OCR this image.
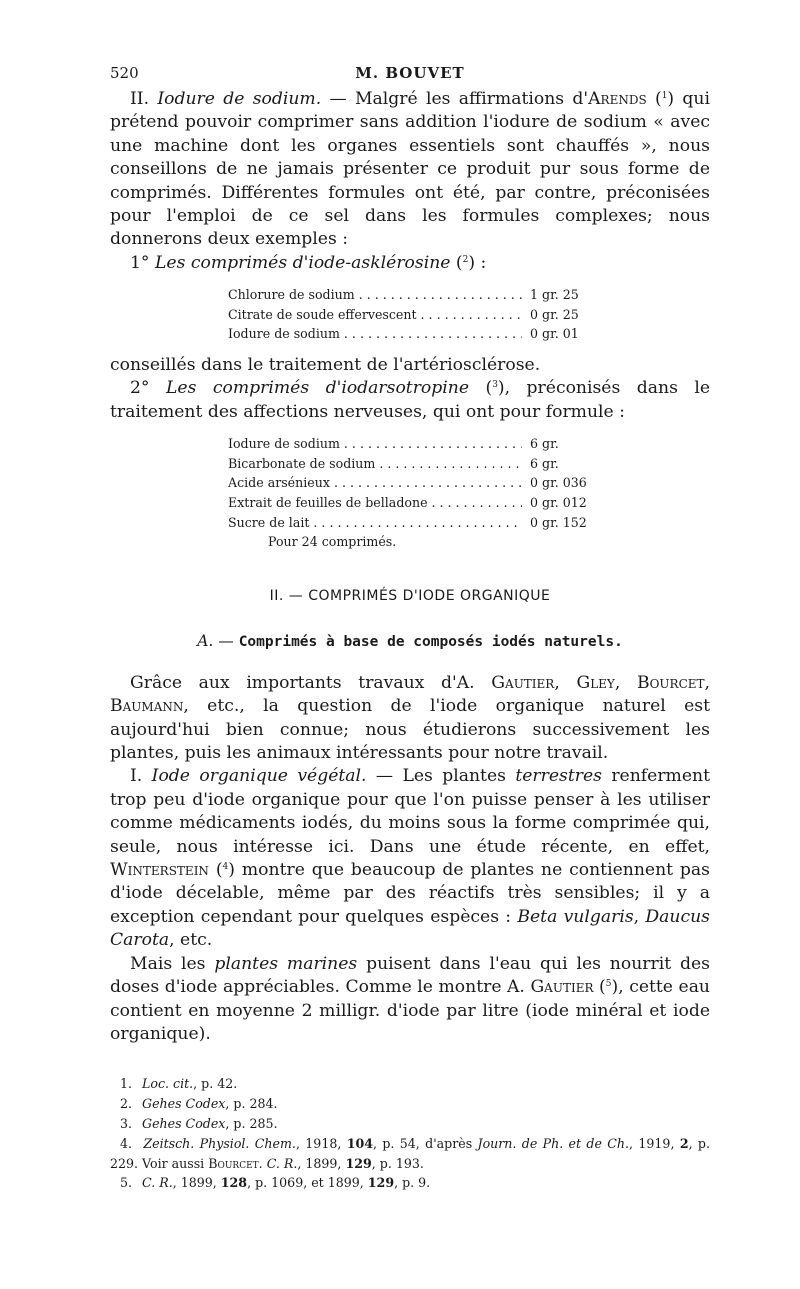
520	M. BOUVET

II. Iodure de sodium. — Malgré les affirmations d'Arends ($^1$) qui prétend pouvoir comprimer sans addition l'iodure de sodium « avec une machine dont les organes essentiels sont chauffés », nous conseillons de ne jamais présenter ce produit pur sous forme de comprimés. Différentes formules ont été, par contre, préconisées pour l'emploi de ce sel dans les formules complexes; nous donnerons deux exemples :

1° Les comprimés d'iode-asklérosine ($^2$) :

Chlorure de sodium . . .	1 gr. 25
Citrate de soude effervescent . . .	0 gr. 25
Iodure de sodium . . .	0 gr. 01

conseillés dans le traitement de l'artériosclérose.

2° Les comprimés d'iodarsotropine ($^3$), préconisés dans le traitement des affections nerveuses, qui ont pour formule :

Iodure de sodium . . .	6 gr.
Bicarbonate de sodium . . .	6 gr.
Acide arsénieux . . .	0 gr. 036
Extrait de feuilles de belladone . . .	0 gr. 012
Sucre de lait . . .	0 gr. 152
Pour 24 comprimés.
II. — COMPRIMÉS D'IODE ORGANIQUE
A. — Comprimés à base de composés iodés naturels.

Grâce aux importants travaux d'A. Gautier, Gley, Bourcet, Baumann, etc., la question de l'iode organique naturel est aujourd'hui bien connue; nous étudierons successivement les plantes, puis les animaux intéressants pour notre travail.

I. Iode organique végétal. — Les plantes terrestres renferment trop peu d'iode organique pour que l'on puisse penser à les utiliser comme médicaments iodés, du moins sous la forme comprimée qui, seule, nous intéresse ici. Dans une étude récente, en effet, Winterstein ($^4$) montre que beaucoup de plantes ne contiennent pas d'iode décelable, même par des réactifs très sensibles; il y a exception cependant pour quelques espèces : Beta vulgaris, Daucus Carota, etc.

Mais les plantes marines puisent dans l'eau qui les nourrit des doses d'iode appréciables. Comme le montre A. Gautier ($^5$), cette eau contient en moyenne 2 milligr. d'iode par litre (iode minéral et iode organique).

1. Loc. cit., p. 42.
2. Gehes Codex, p. 284.
3. Gehes Codex, p. 285.
4. Zeitsch. Physiol. Chem., 1918, 104, p. 54, d'après Journ. de Ph. et de Ch., 1919, 2, p. 229. Voir aussi Bourcet. C. R., 1899, 129, p. 193.
5. C. R., 1899, 128, p. 1069, et 1899, 129, p. 9.
